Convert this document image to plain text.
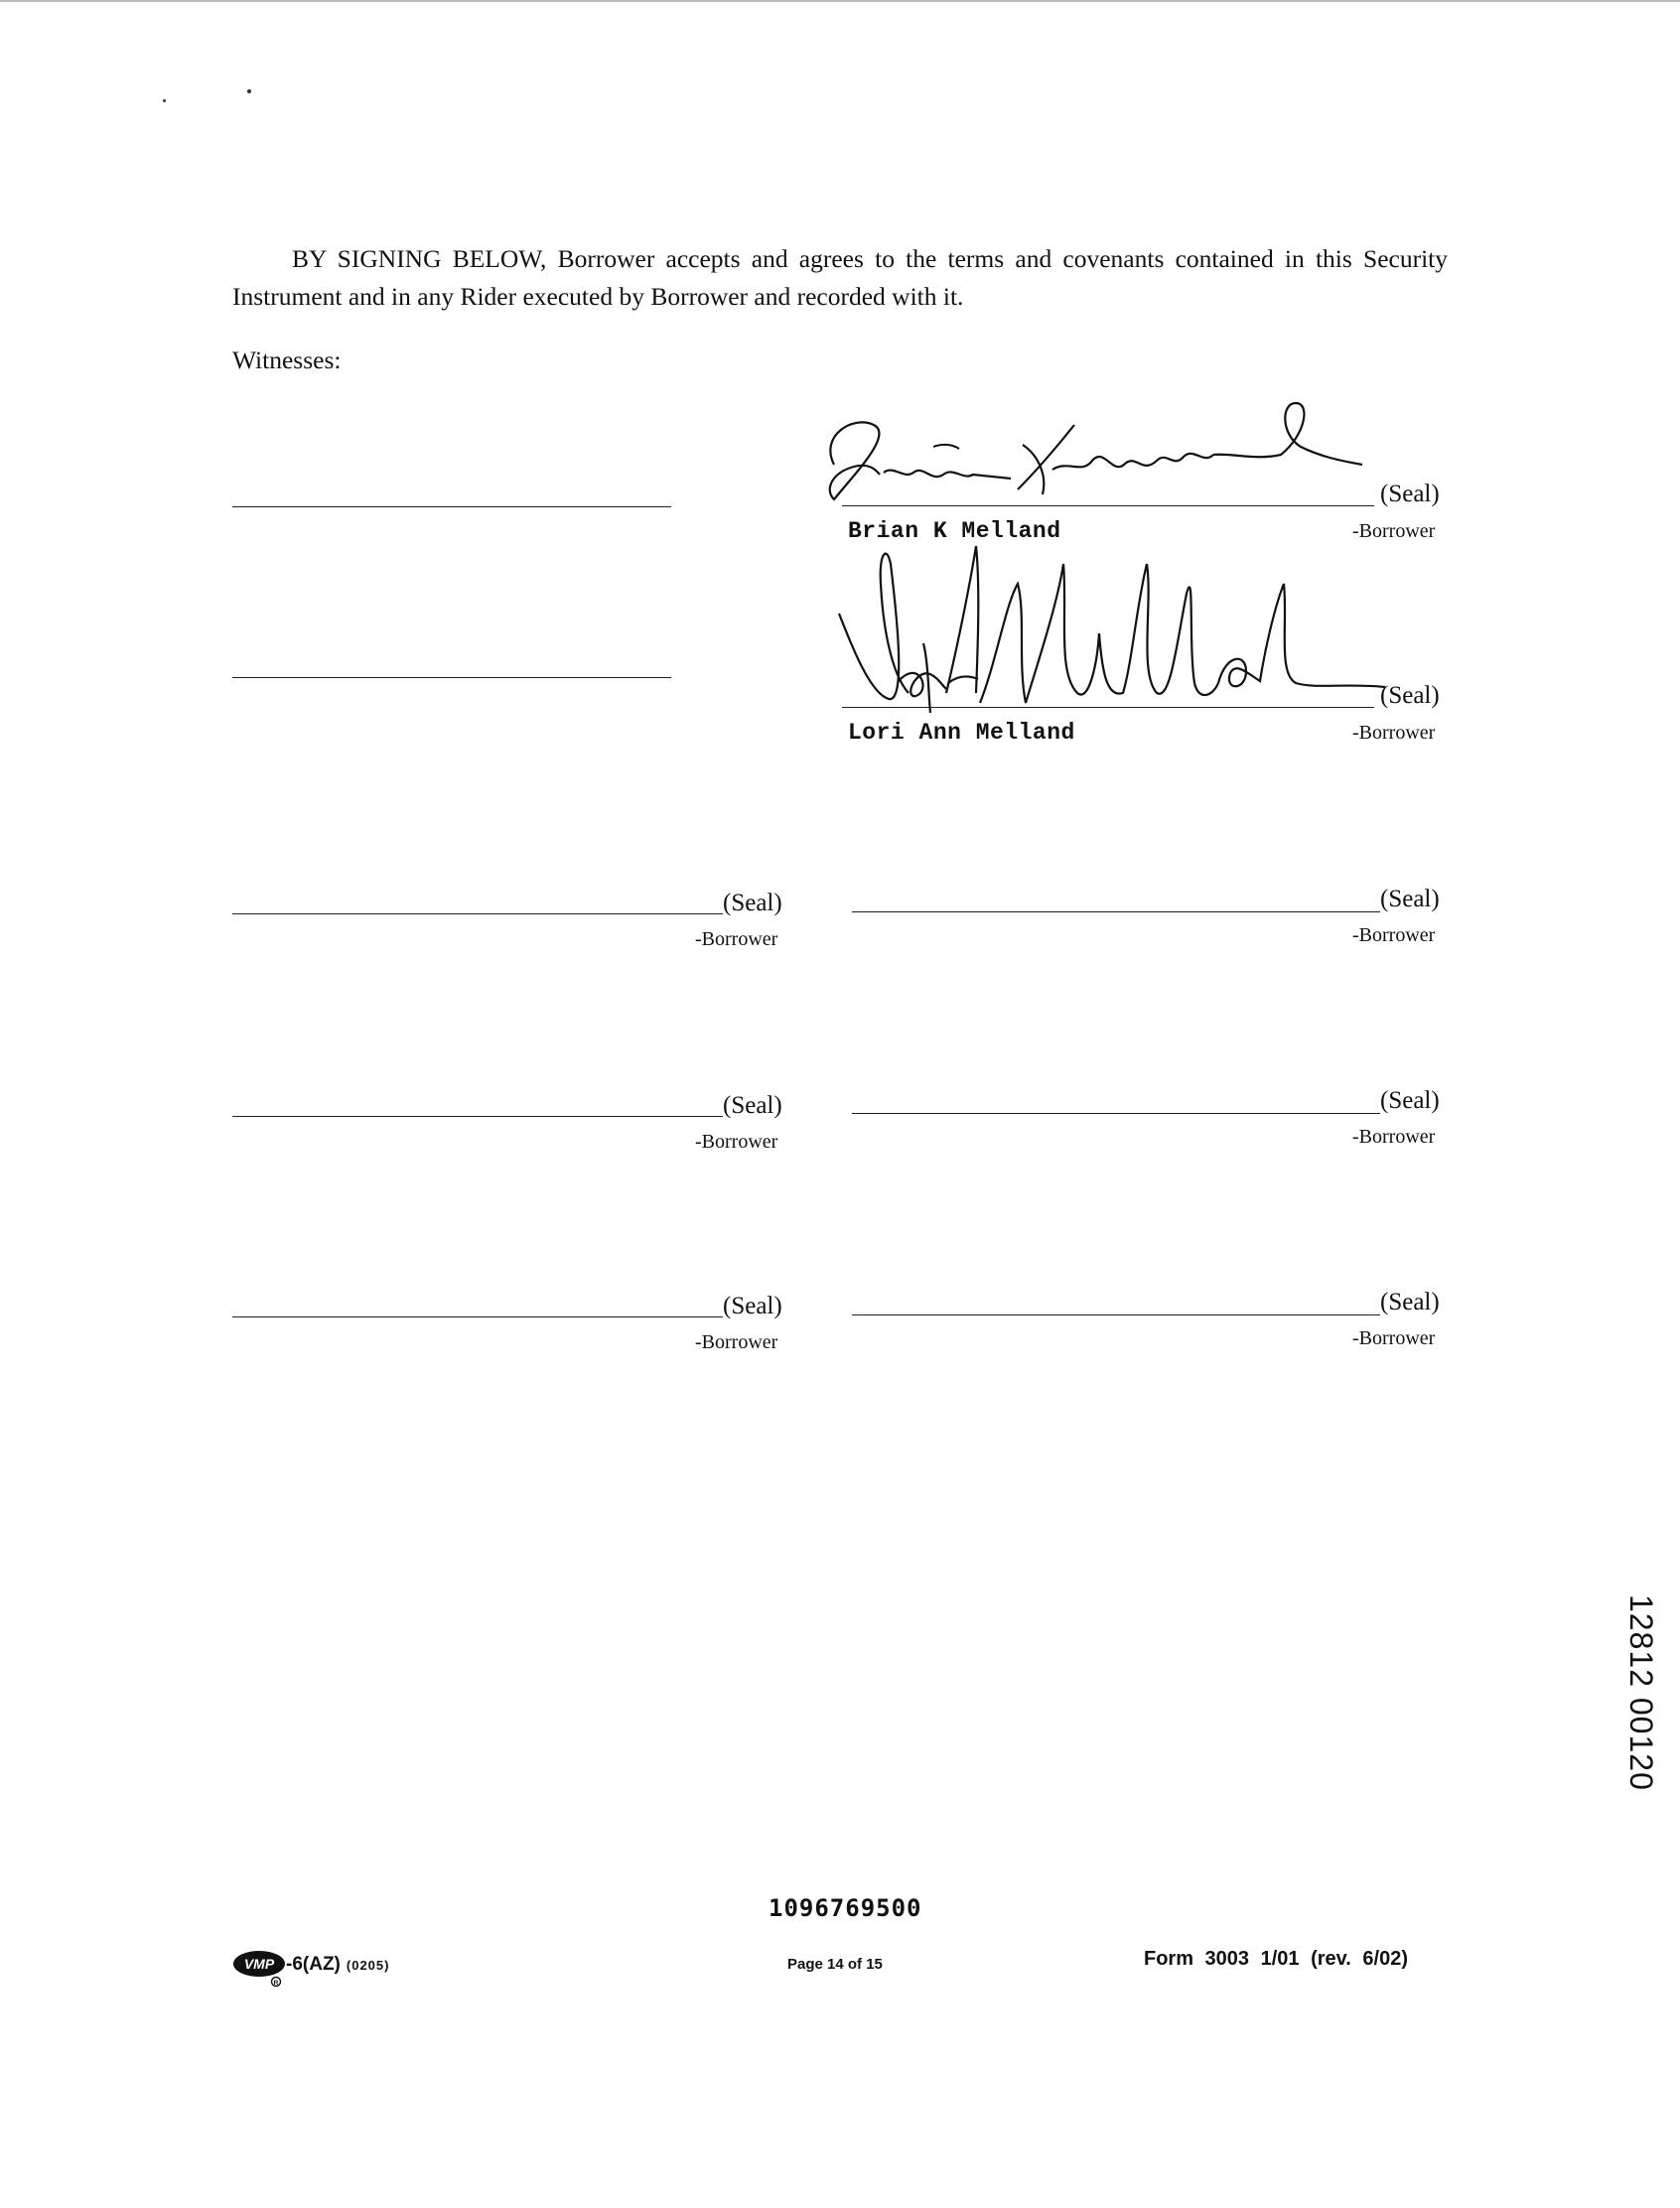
BY SIGNING BELOW, Borrower accepts and agrees to the terms and covenants contained in this Security Instrument and in any Rider executed by Borrower and recorded with it.

Witnesses:
(Seal)
Brian K Melland	-Borrower
(Seal)
Lori Ann Melland	-Borrower
(Seal)
-Borrower
(Seal)
-Borrower
(Seal)
-Borrower
(Seal)
-Borrower
(Seal)
-Borrower
(Seal)
-Borrower
12812 00120
1096769500
VMP
R
-6(AZ) (0205)	Page 14 of 15	Form 3003 1/01 (rev. 6/02)
